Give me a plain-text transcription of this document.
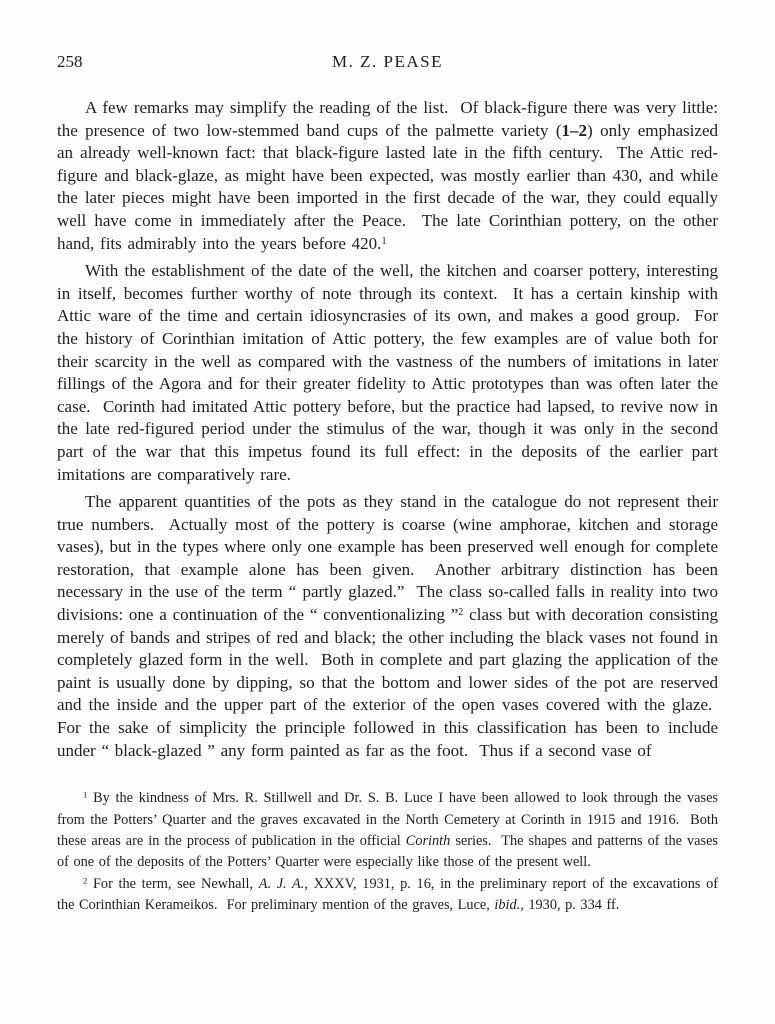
258	M. Z. PEASE

A few remarks may simplify the reading of the list.  Of black-figure there was very little: the presence of two low-stemmed band cups of the palmette variety (1–2) only emphasized an already well-known fact: that black-figure lasted late in the fifth century.  The Attic red-figure and black-glaze, as might have been expected, was mostly earlier than 430, and while the later pieces might have been imported in the first decade of the war, they could equally well have come in immediately after the Peace.  The late Corinthian pottery, on the other hand, fits admirably into the years before 420.$^1$

With the establishment of the date of the well, the kitchen and coarser pottery, interesting in itself, becomes further worthy of note through its context.  It has a certain kinship with Attic ware of the time and certain idiosyncrasies of its own, and makes a good group.  For the history of Corinthian imitation of Attic pottery, the few examples are of value both for their scarcity in the well as compared with the vastness of the numbers of imitations in later fillings of the Agora and for their greater fidelity to Attic prototypes than was often later the case.  Corinth had imitated Attic pottery before, but the practice had lapsed, to revive now in the late red-figured period under the stimulus of the war, though it was only in the second part of the war that this impetus found its full effect: in the deposits of the earlier part imitations are comparatively rare.

The apparent quantities of the pots as they stand in the catalogue do not represent their true numbers.  Actually most of the pottery is coarse (wine amphorae, kitchen and storage vases), but in the types where only one example has been preserved well enough for complete restoration, that example alone has been given.  Another arbitrary distinction has been necessary in the use of the term “ partly glazed.”  The class so-called falls in reality into two divisions: one a continuation of the “ conventionalizing ”$^2$ class but with decoration consisting merely of bands and stripes of red and black; the other including the black vases not found in completely glazed form in the well.  Both in complete and part glazing the application of the paint is usually done by dipping, so that the bottom and lower sides of the pot are reserved and the inside and the upper part of the exterior of the open vases covered with the glaze.  For the sake of simplicity the principle followed in this classification has been to include under “ black-glazed ” any form painted as far as the foot.  Thus if a second vase of

$^1$ By the kindness of Mrs. R. Stillwell and Dr. S. B. Luce I have been allowed to look through the vases from the Potters’ Quarter and the graves excavated in the North Cemetery at Corinth in 1915 and 1916.  Both these areas are in the process of publication in the official Corinth series.  The shapes and patterns of the vases of one of the deposits of the Potters’ Quarter were especially like those of the present well.

$^2$ For the term, see Newhall, A. J. A., XXXV, 1931, p. 16, in the preliminary report of the excavations of the Corinthian Kerameikos.  For preliminary mention of the graves, Luce, ibid., 1930, p. 334 ff.
